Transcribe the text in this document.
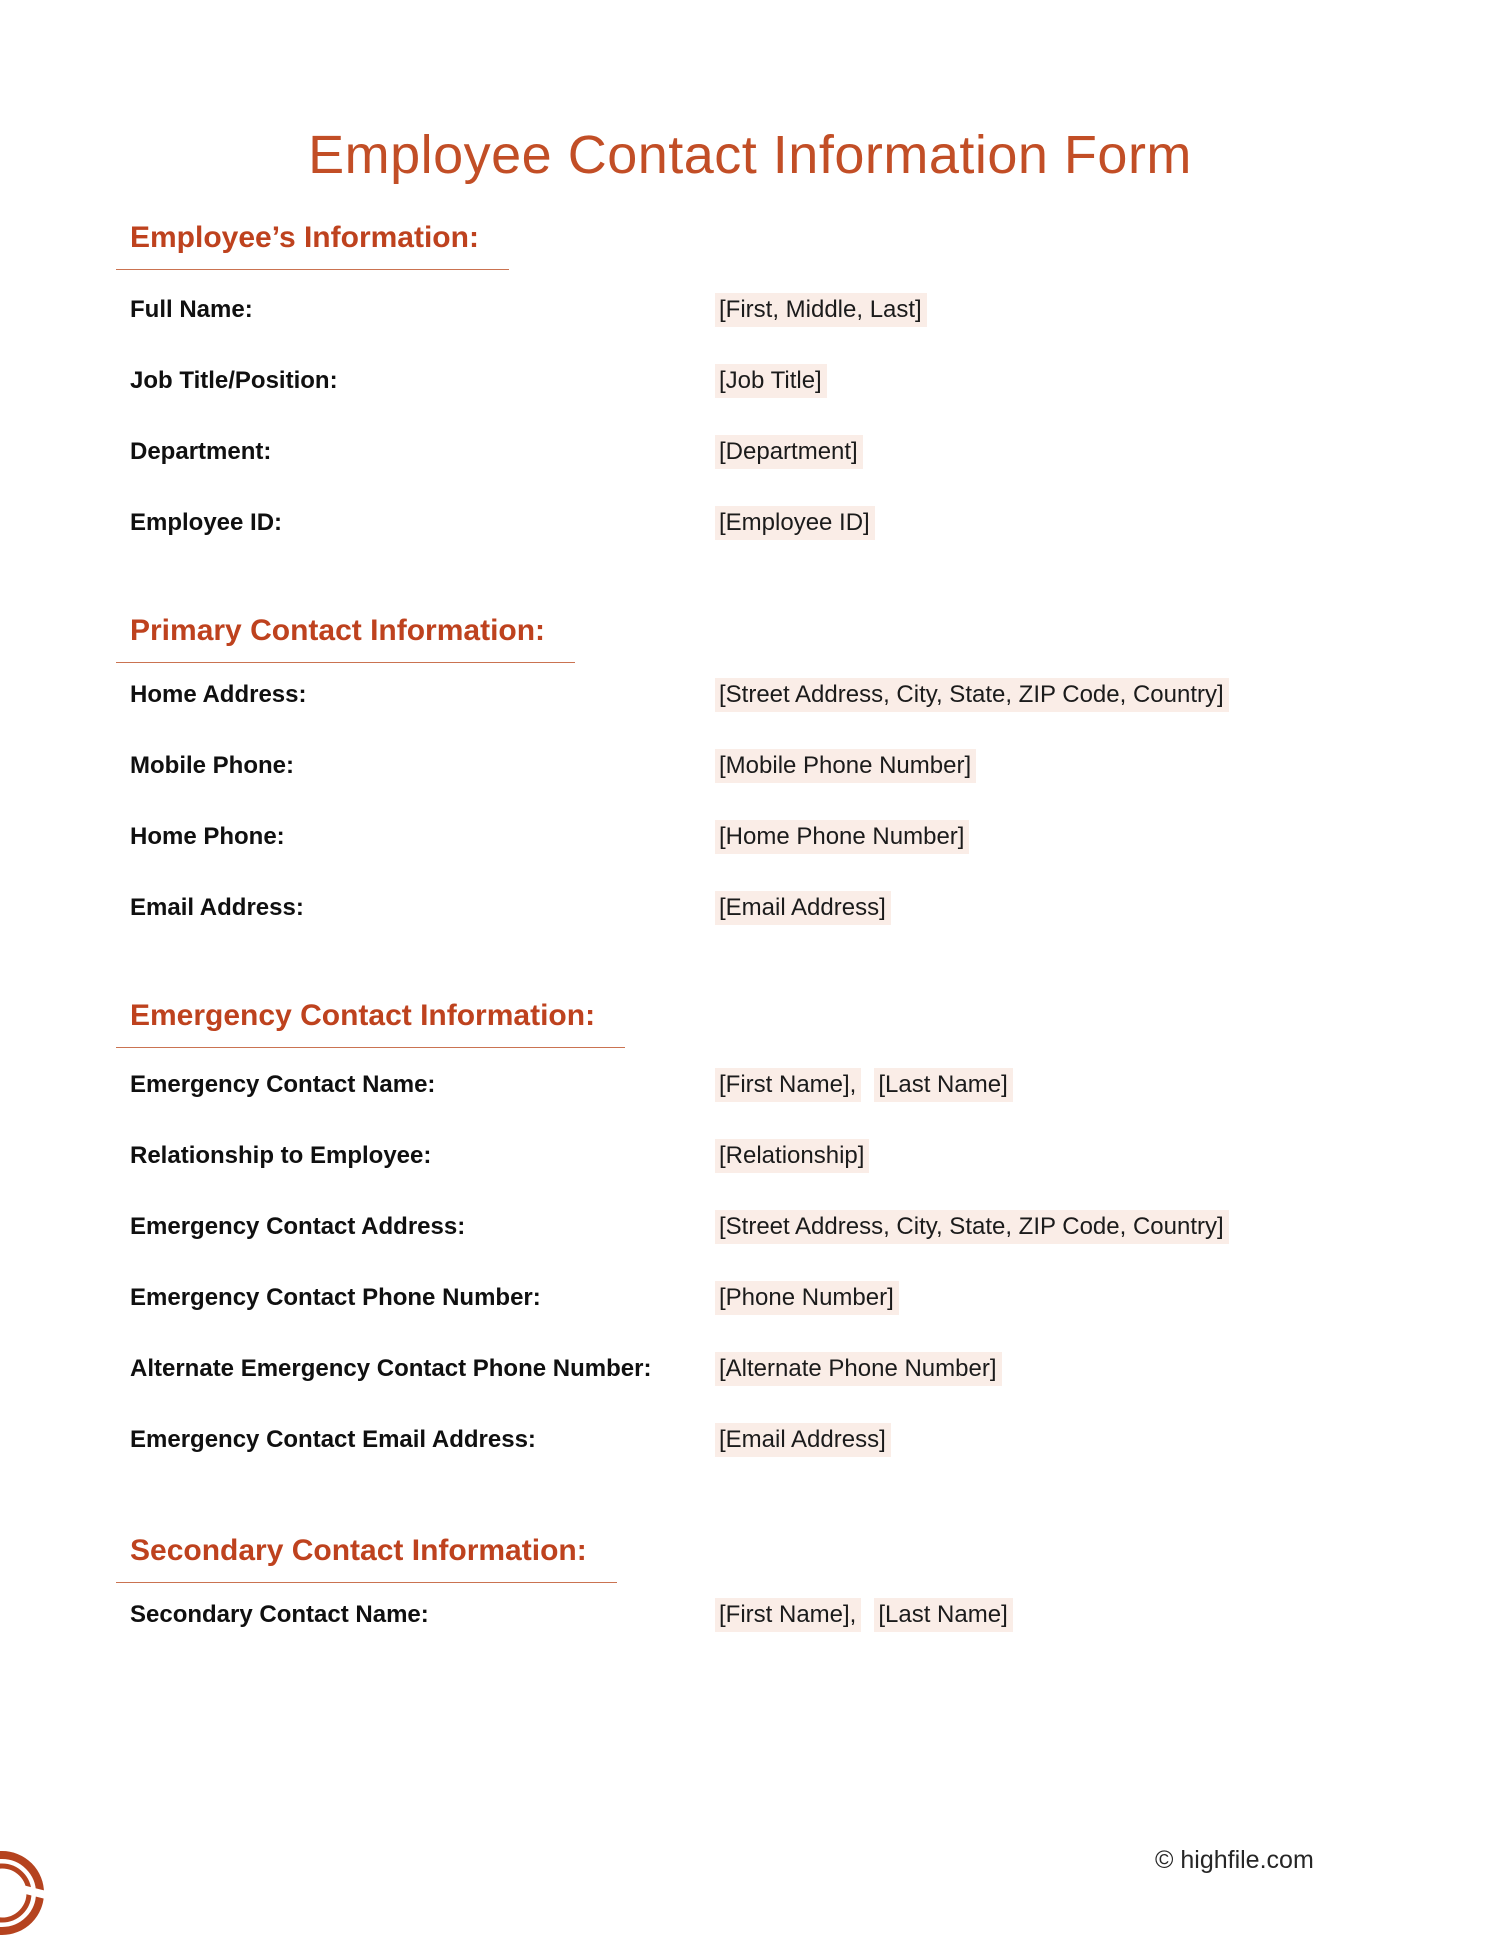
Employee Contact Information Form
Employee’s Information:
Full Name:	[First, Middle, Last]
Job Title/Position:	[Job Title]
Department:	[Department]
Employee ID:	[Employee ID]
Primary Contact Information:
Home Address:	[Street Address, City, State, ZIP Code, Country]
Mobile Phone:	[Mobile Phone Number]
Home Phone:	[Home Phone Number]
Email Address:	[Email Address]
Emergency Contact Information:
Emergency Contact Name:	[First Name], [Last Name]
Relationship to Employee:	[Relationship]
Emergency Contact Address:	[Street Address, City, State, ZIP Code, Country]
Emergency Contact Phone Number:	[Phone Number]
Alternate Emergency Contact Phone Number:	[Alternate Phone Number]
Emergency Contact Email Address:	[Email Address]
Secondary Contact Information:
Secondary Contact Name:	[First Name], [Last Name]
© highfile.com
